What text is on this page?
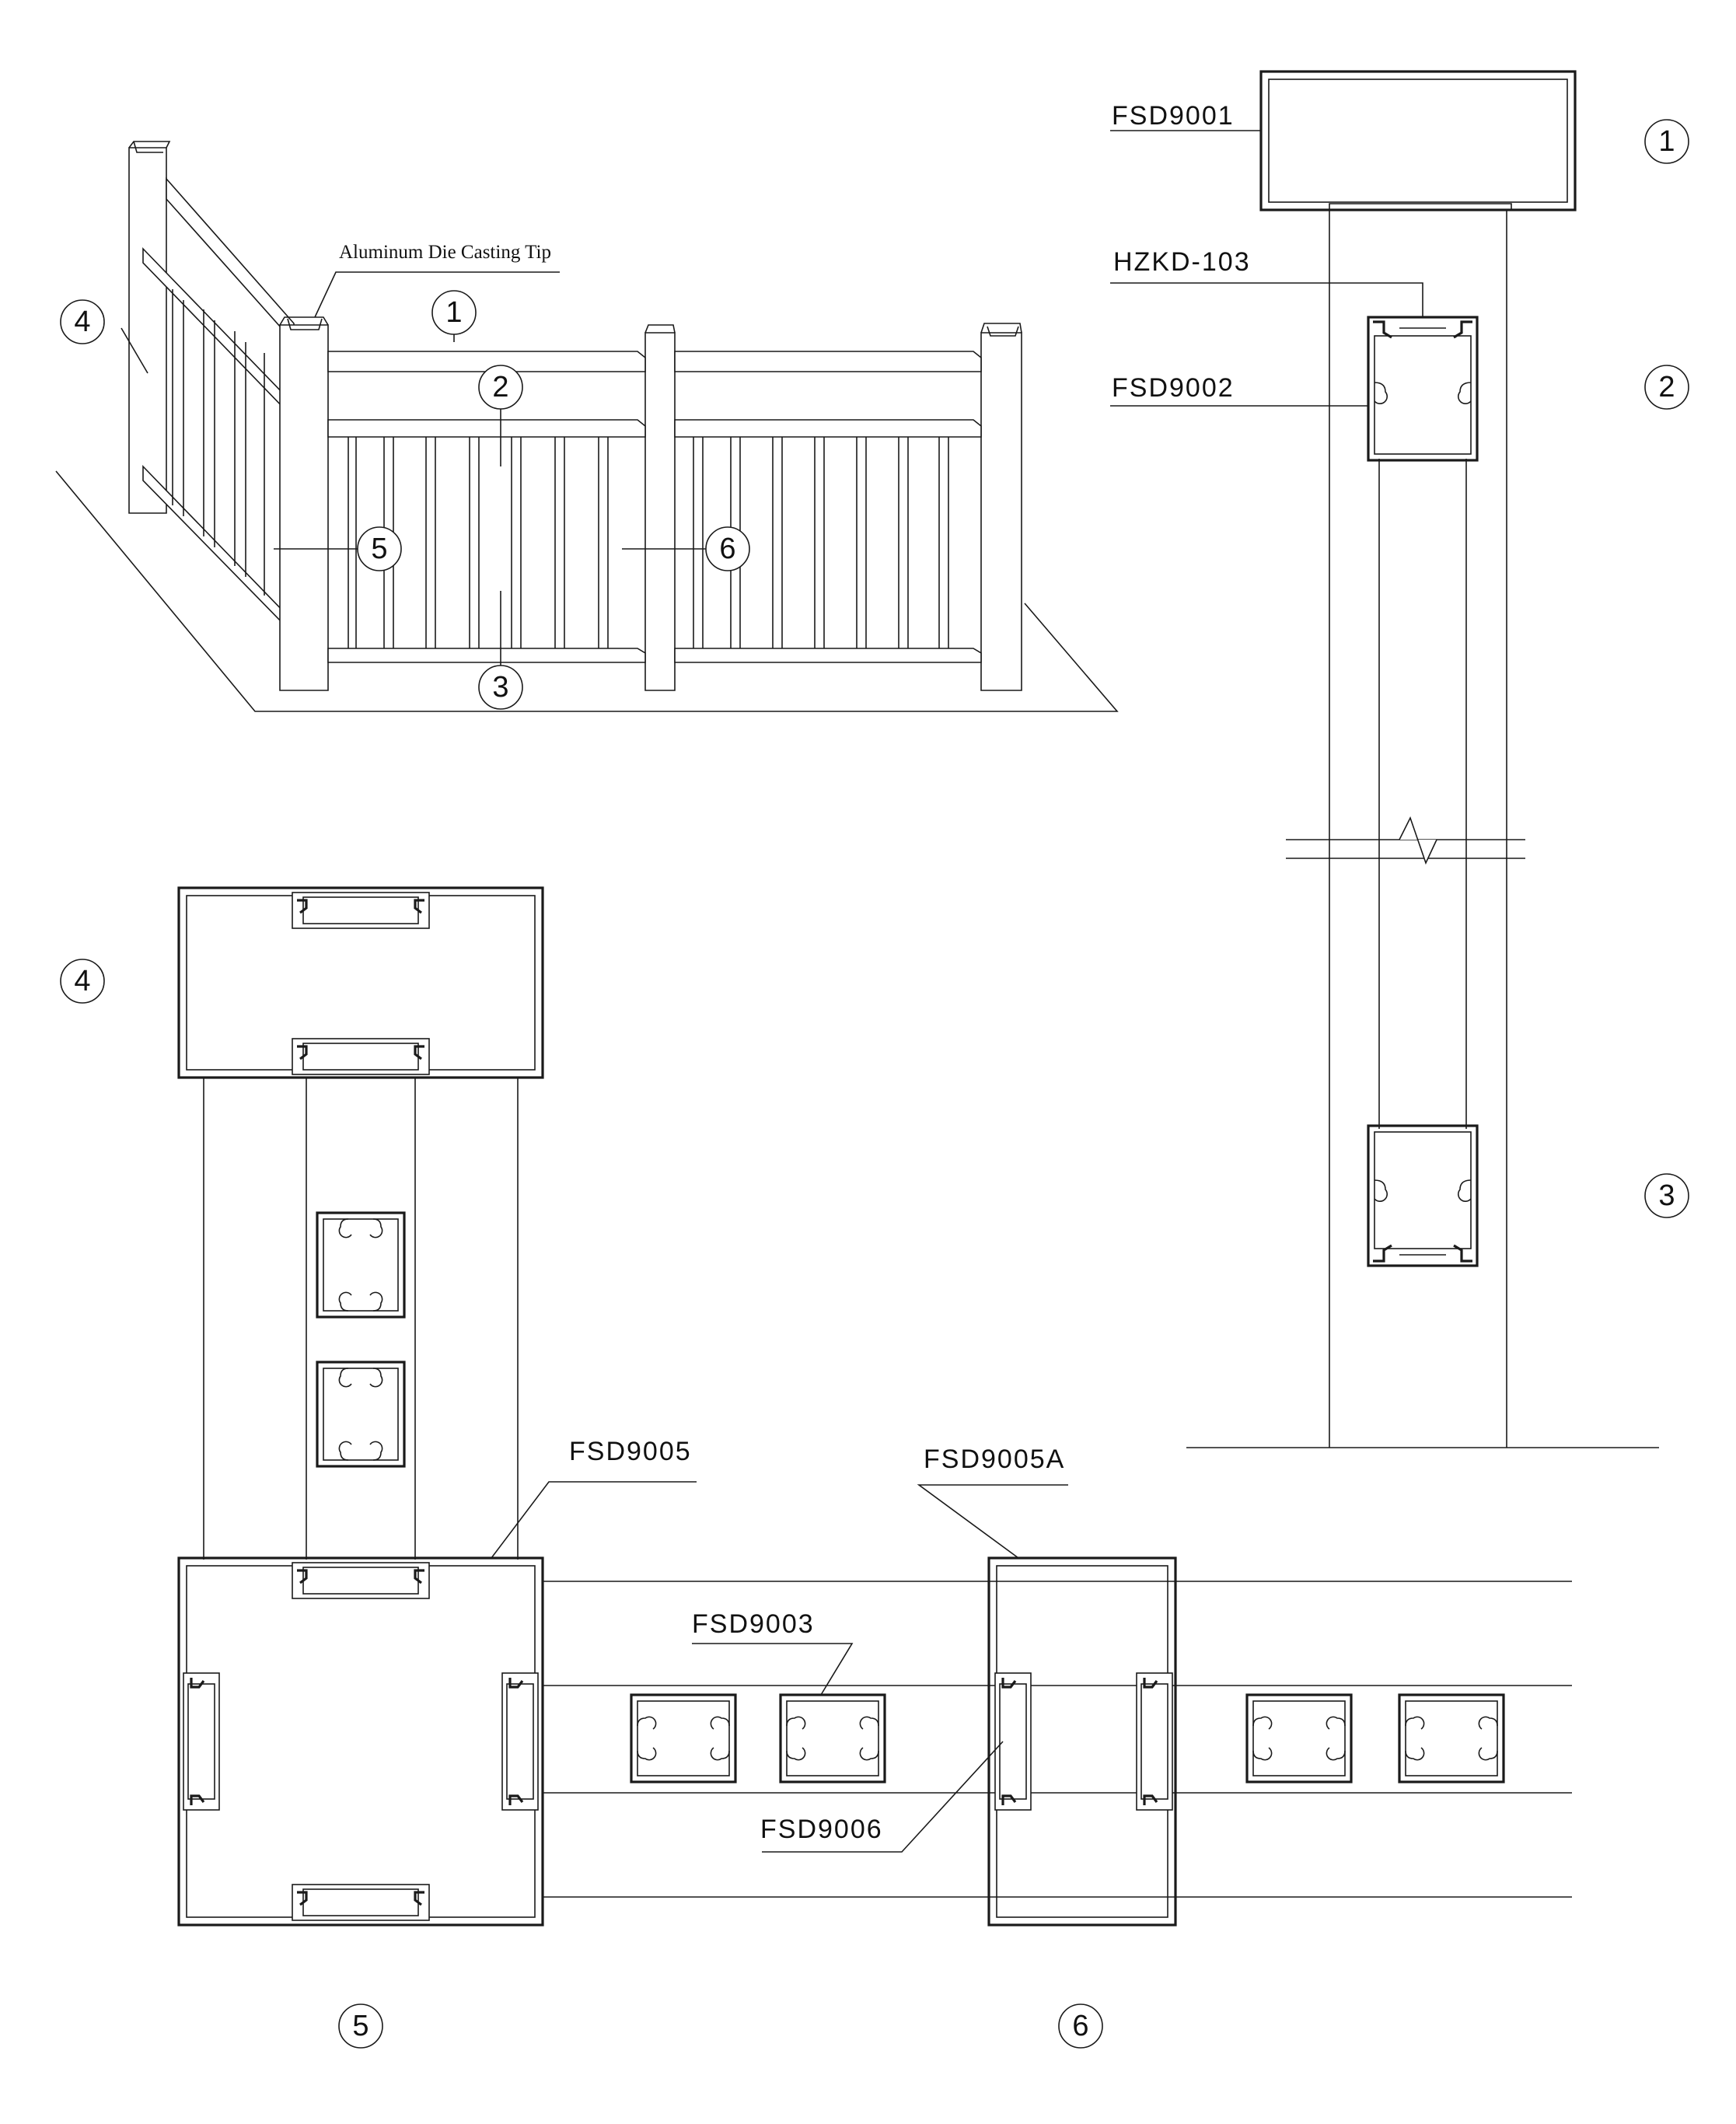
Aluminum Die Casting Tip
FSD9001
HZKD-103
FSD9002
FSD9005	FSD9005A
FSD9003
FSD9006
1
2
3
4
5	6
1
2
3
4
5	6
